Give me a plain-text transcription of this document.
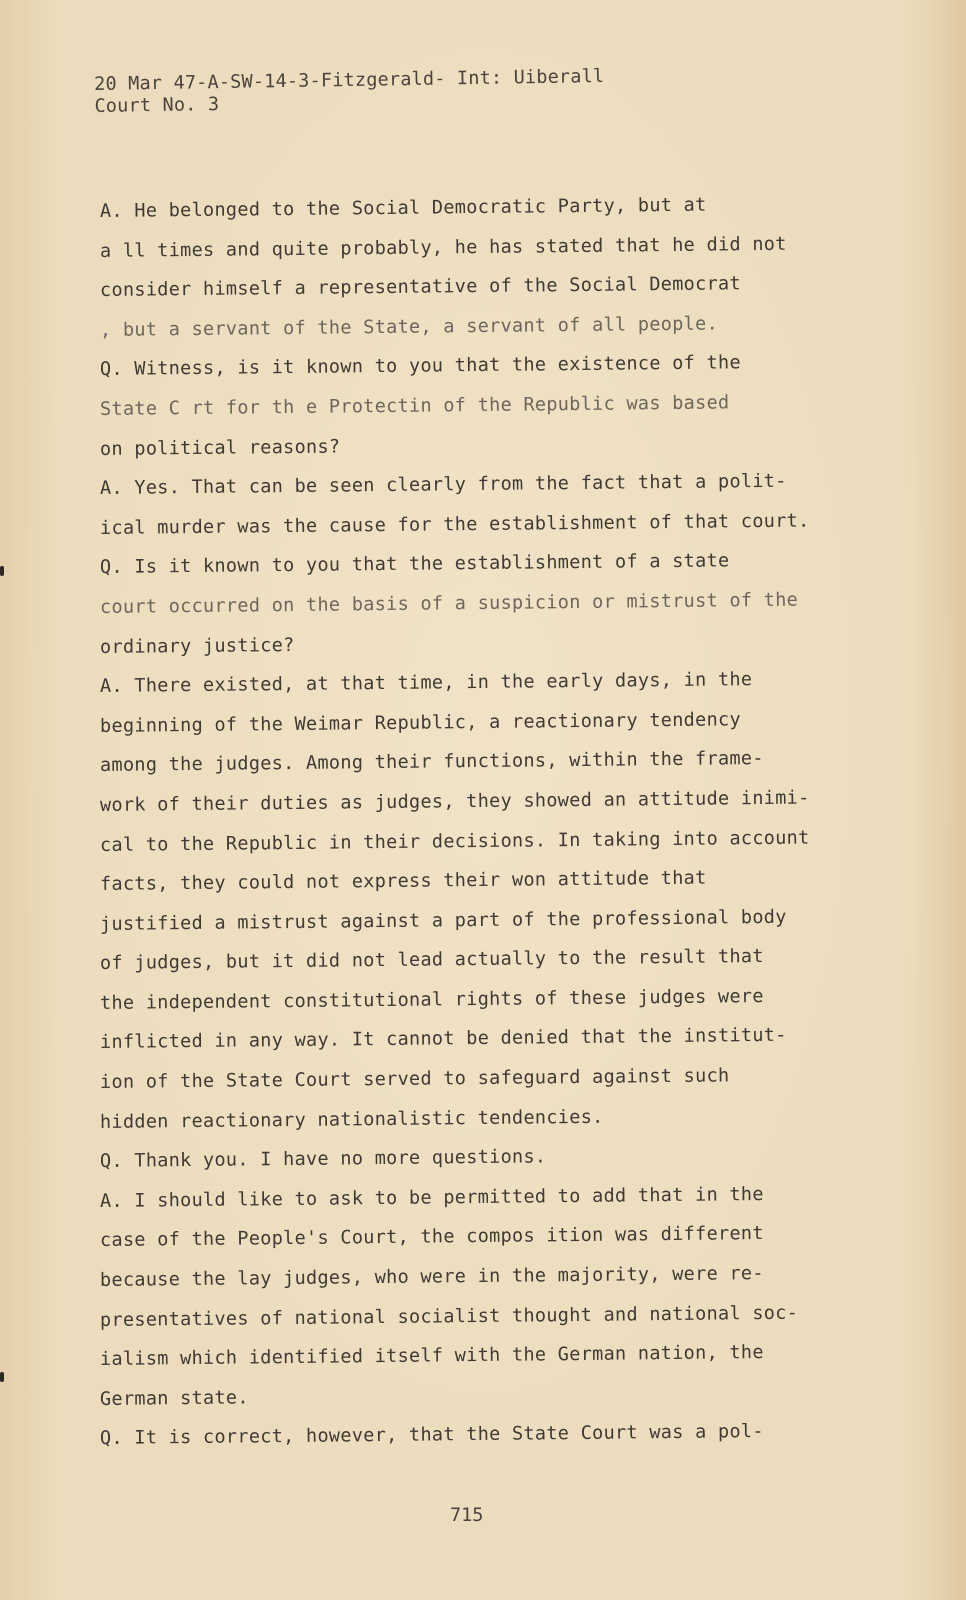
20 Mar 47-A-SW-14-3-Fitzgerald- Int: Uiberall
Court No. 3
A. He belonged to the Social Democratic Party, but at
a ll times and quite probably, he has stated that he did not
consider himself a representative of the Social Democrat
, but a servant of the State, a servant of all people.
Q. Witness, is it known to you that the existence of the
State C rt for th e Protectin of the Republic was based
on political reasons?
A. Yes. That can be seen clearly from the fact that a polit-
ical murder was the cause for the establishment of that court.
Q. Is it known to you that the establishment of a state
court occurred on the basis of a suspicion or mistrust of the
ordinary justice?
A. There existed, at that time, in the early days, in the
beginning of the Weimar Republic, a reactionary tendency
among the judges. Among their functions, within the frame-
work of their duties as judges, they showed an attitude inimi-
cal to the Republic in their decisions. In taking into account
facts, they could not express their won attitude that
justified a mistrust against a part of the professional body
of judges, but it did not lead actually to the result that
the independent constitutional rights of these judges were
inflicted in any way. It cannot be denied that the institut-
ion of the State Court served to safeguard against such
hidden reactionary nationalistic tendencies.
Q. Thank you. I have no more questions.
A. I should like to ask to be permitted to add that in the
case of the People's Court, the compos ition was different
because the lay judges, who were in the majority, were re-
presentatives of national socialist thought and national soc-
ialism which identified itself with the German nation, the
German state.
Q. It is correct, however, that the State Court was a pol-
715
